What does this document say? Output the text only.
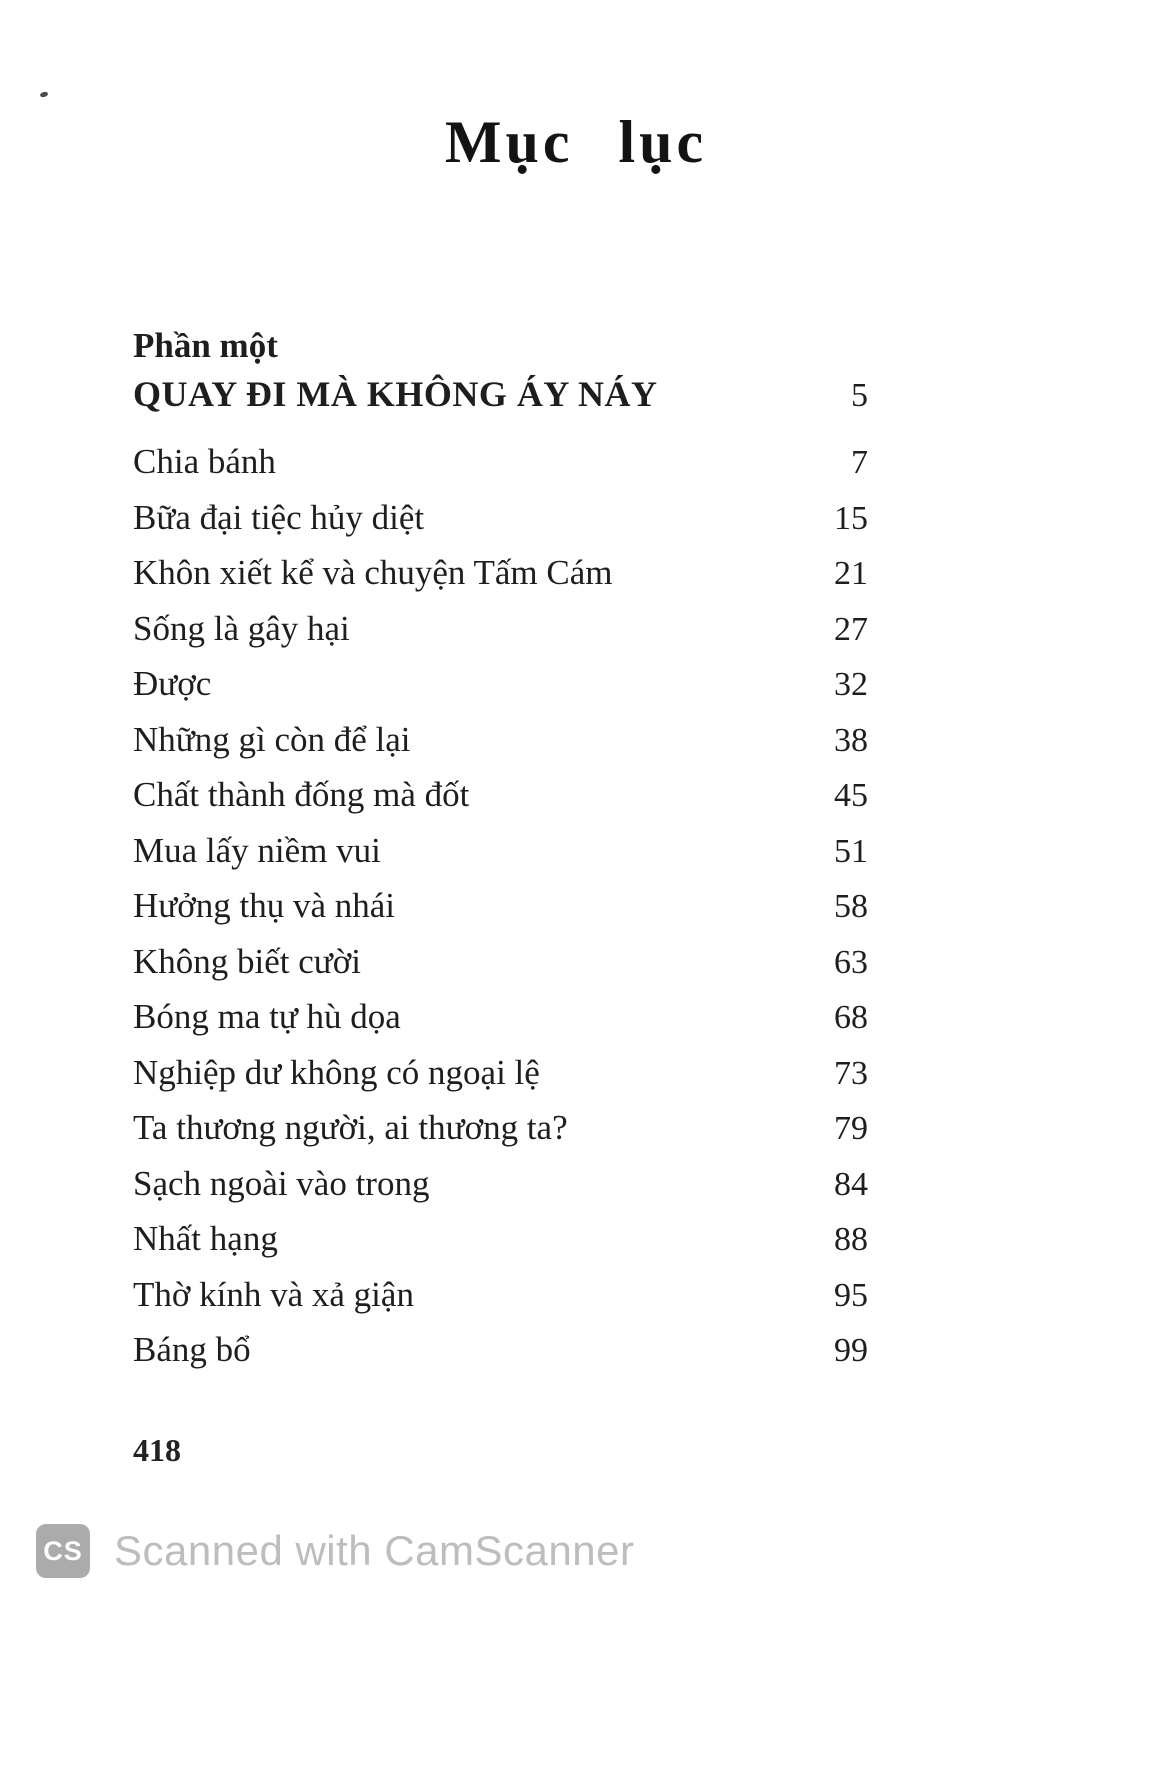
Mục lục
Phần một
QUAY ĐI MÀ KHÔNG ÁY NÁY	5
Chia bánh	7
Bữa đại tiệc hủy diệt	15
Khôn xiết kể và chuyện Tấm Cám	21
Sống là gây hại	27
Được	32
Những gì còn để lại	38
Chất thành đống mà đốt	45
Mua lấy niềm vui	51
Hưởng thụ và nhái	58
Không biết cười	63
Bóng ma tự hù dọa	68
Nghiệp dư không có ngoại lệ	73
Ta thương người, ai thương ta?	79
Sạch ngoài vào trong	84
Nhất hạng	88
Thờ kính và xả giận	95
Báng bổ	99
418
CS Scanned with CamScanner
